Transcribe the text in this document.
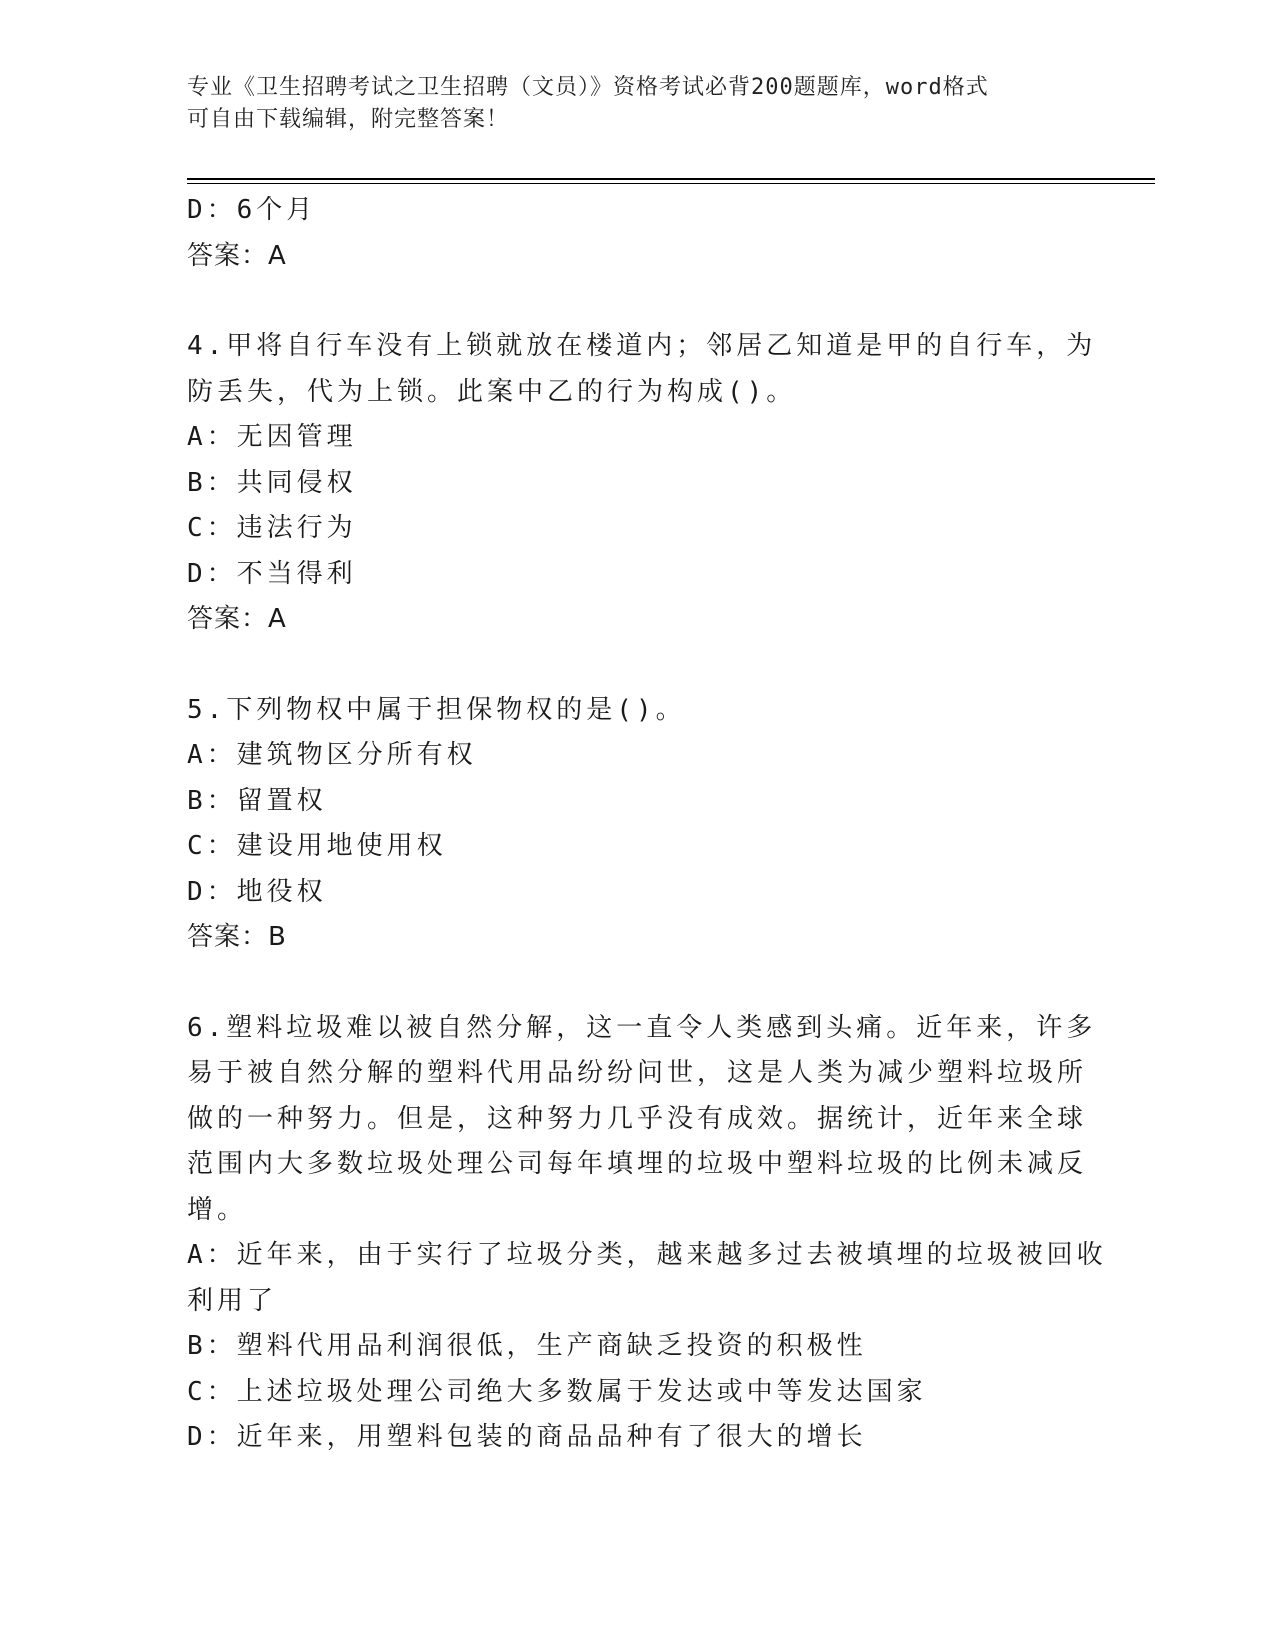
专业《卫生招聘考试之卫生招聘（文员）》资格考试必背200题题库，word格式
可自由下载编辑，附完整答案！
D：6个月
答案：A
4.甲将自行车没有上锁就放在楼道内；邻居乙知道是甲的自行车，为
防丢失，代为上锁。此案中乙的行为构成()。
A：无因管理
B：共同侵权
C：违法行为
D：不当得利
答案：A
5.下列物权中属于担保物权的是()。
A：建筑物区分所有权
B：留置权
C：建设用地使用权
D：地役权
答案：B
6.塑料垃圾难以被自然分解，这一直令人类感到头痛。近年来，许多
易于被自然分解的塑料代用品纷纷问世，这是人类为减少塑料垃圾所
做的一种努力。但是，这种努力几乎没有成效。据统计，近年来全球
范围内大多数垃圾处理公司每年填埋的垃圾中塑料垃圾的比例未减反
增。
A：近年来，由于实行了垃圾分类，越来越多过去被填埋的垃圾被回收
利用了
B：塑料代用品利润很低，生产商缺乏投资的积极性
C：上述垃圾处理公司绝大多数属于发达或中等发达国家
D：近年来，用塑料包装的商品品种有了很大的增长
